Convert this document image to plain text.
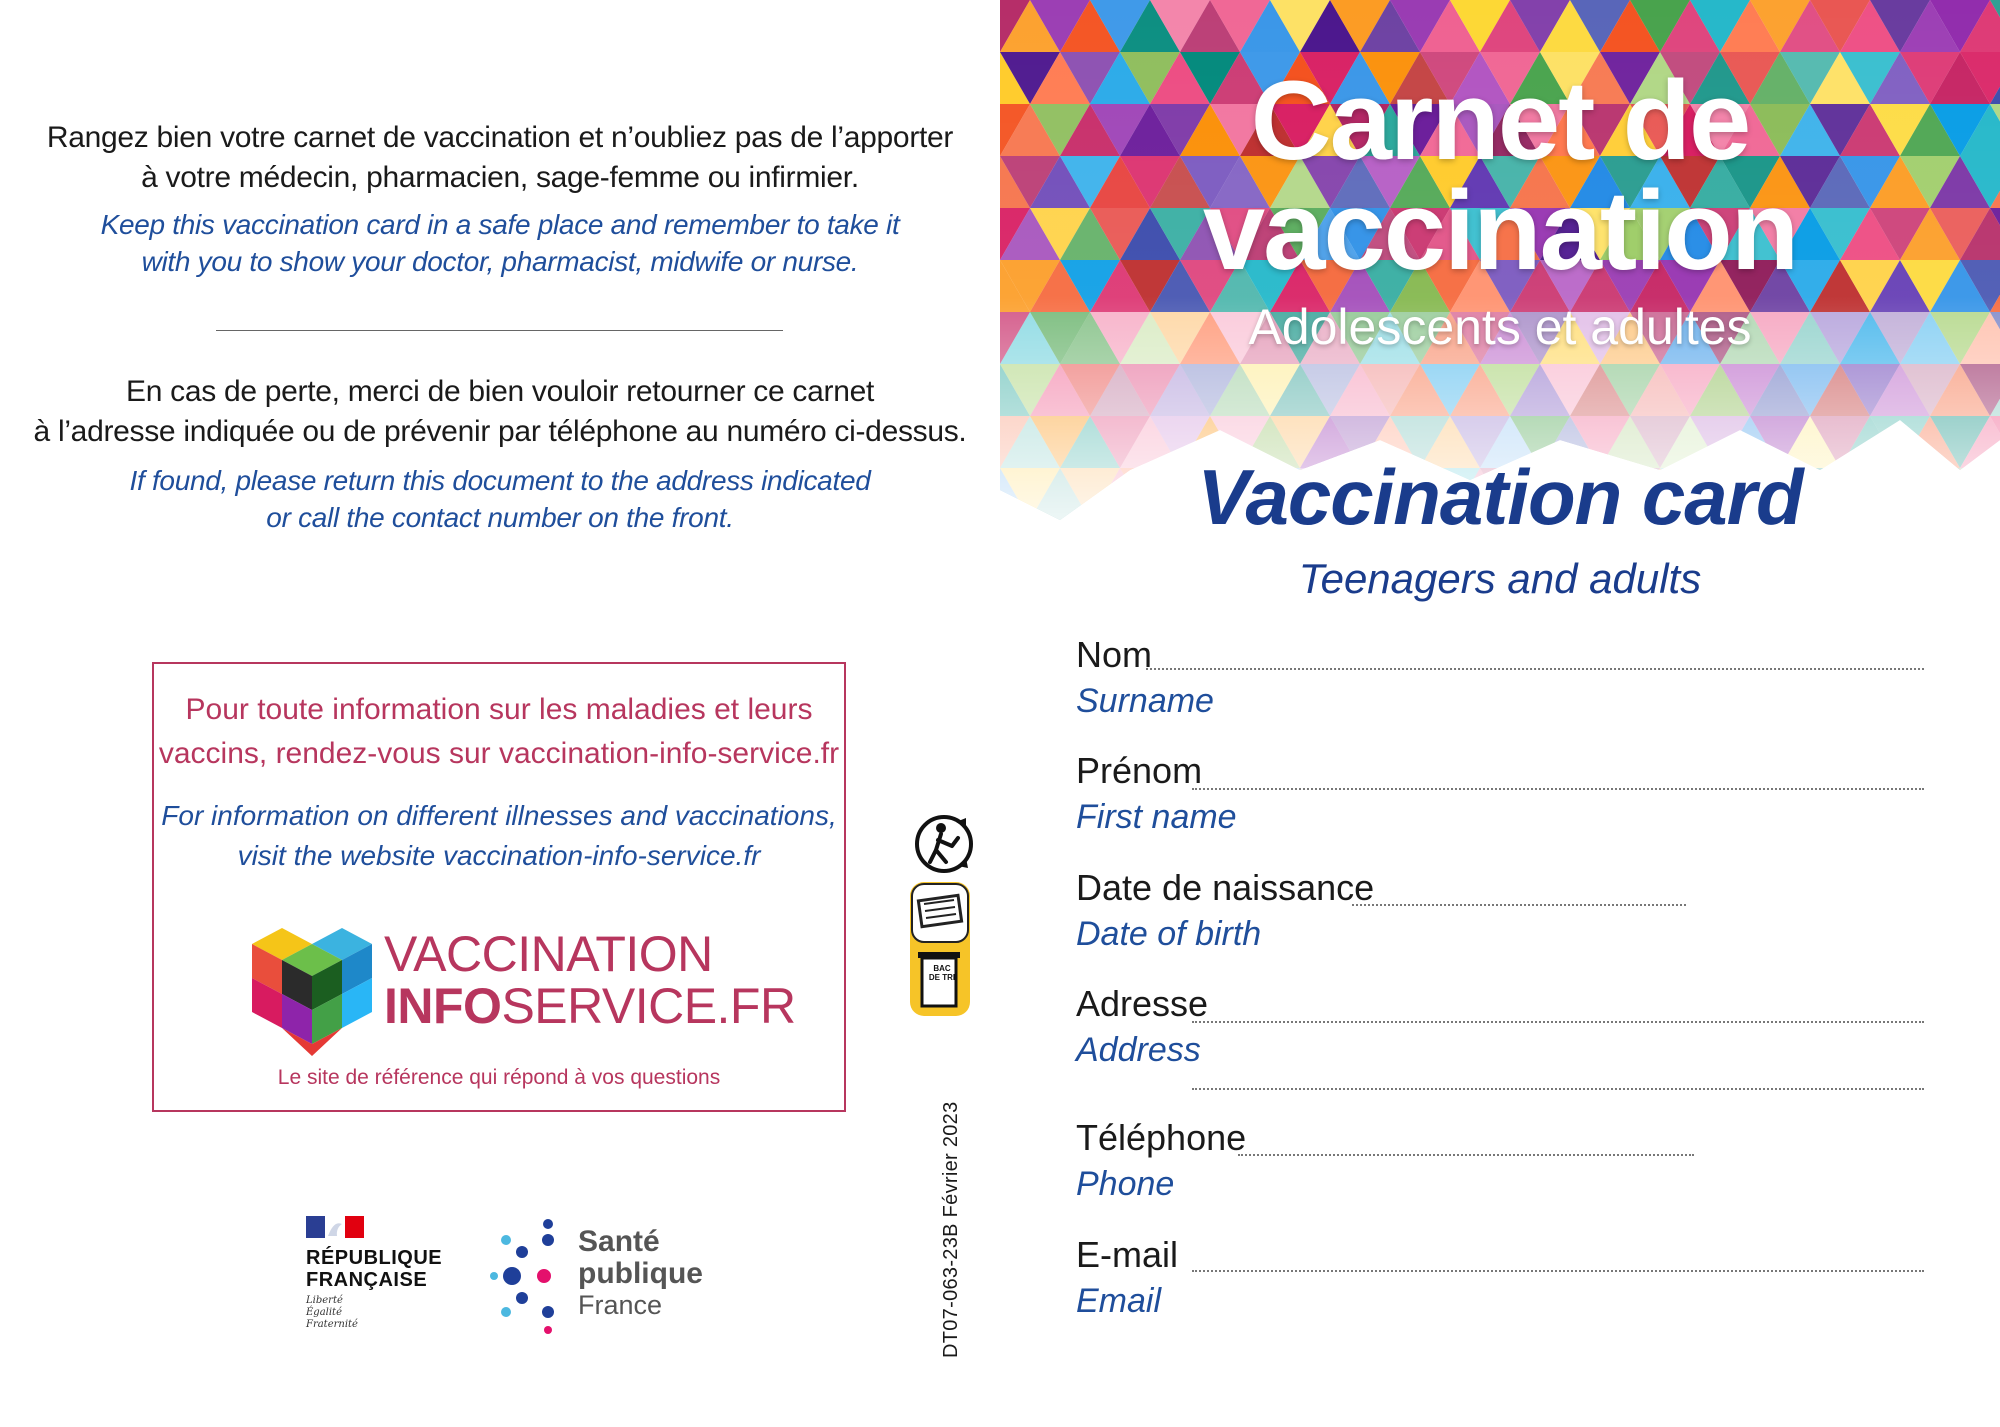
Rangez bien votre carnet de vaccination et n’oubliez pas de l’apporter
à votre médecin, pharmacien, sage-femme ou infirmier.
Keep this vaccination card in a safe place and remember to take it
with you to show your doctor, pharmacist, midwife or nurse.
En cas de perte, merci de bien vouloir retourner ce carnet
à l’adresse indiquée ou de prévenir par téléphone au numéro ci-dessus.
If found, please return this document to the address indicated
or call the contact number on the front.
Pour toute information sur les maladies et leurs
vaccins, rendez-vous sur vaccination-info-service.fr
For information on different illnesses and vaccinations,
visit the website vaccination-info-service.fr
VACCINATION
INFOSERVICE.FR
Le site de référence qui répond à vos questions
BAC DE TRI
DT07-063-23B Février 2023
RÉPUBLIQUE
FRANÇAISE
Liberté
Égalité
Fraternité
Santé
publique
France
Carnet de
vaccination
Adolescents et adultes
Vaccination card
Teenagers and adults
Nom
Surname
Prénom
First name
Date de naissance
Date of birth
Adresse
Address
Téléphone
Phone
E-mail
Email
